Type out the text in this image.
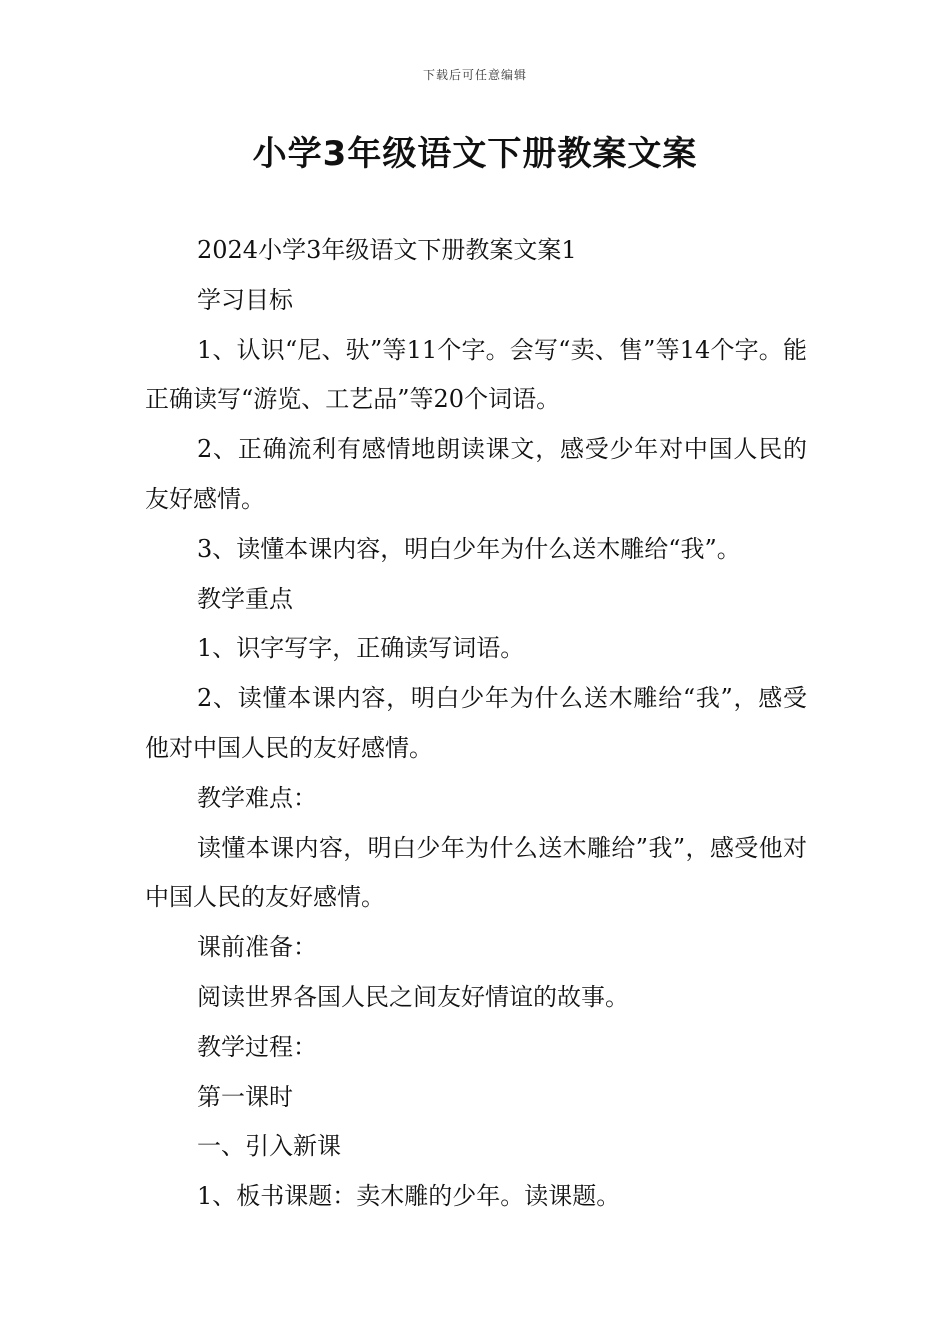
下载后可任意编辑
小学3年级语文下册教案文案

2024小学3年级语文下册教案文案1

学习目标

1、认识“尼、驮”等11个字。会写“卖、售”等14个字。能正确读写“游览、工艺品”等20个词语。

2、正确流利有感情地朗读课文，感受少年对中国人民的友好感情。

3、读懂本课内容，明白少年为什么送木雕给“我”。

教学重点

1、识字写字，正确读写词语。

2、读懂本课内容，明白少年为什么送木雕给“我”，感受他对中国人民的友好感情。

教学难点：

读懂本课内容，明白少年为什么送木雕给”我”，感受他对中国人民的友好感情。

课前准备：

阅读世界各国人民之间友好情谊的故事。

教学过程：

第一课时

一、引入新课

1、板书课题：卖木雕的少年。读课题。
